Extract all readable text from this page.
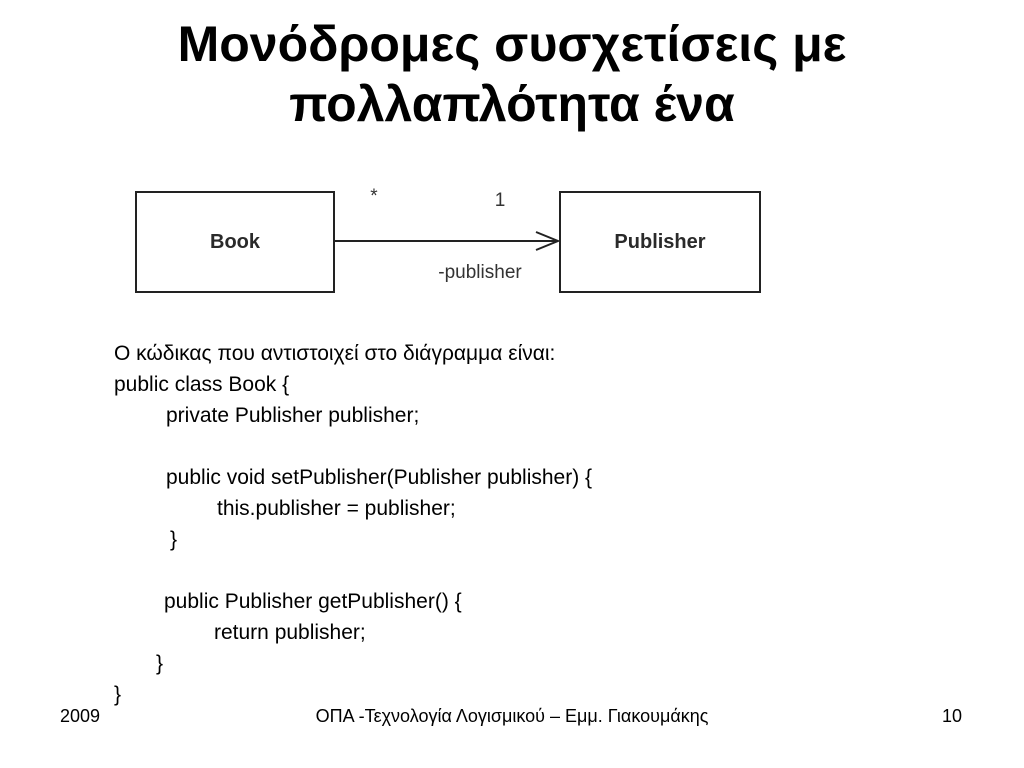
Μονόδρομες συσχετίσεις με
πολλαπλότητα ένα
Book	Publisher
*	1
-publisher
Ο κώδικας που αντιστοιχεί στο διάγραμμα είναι:
public class Book {
private Publisher publisher;
public void setPublisher(Publisher publisher) {
this.publisher = publisher;
}
public Publisher getPublisher() {
return publisher;
}
}
2009	ΟΠΑ -Τεχνολογία Λογισμικού – Εμμ. Γιακουμάκης	10
